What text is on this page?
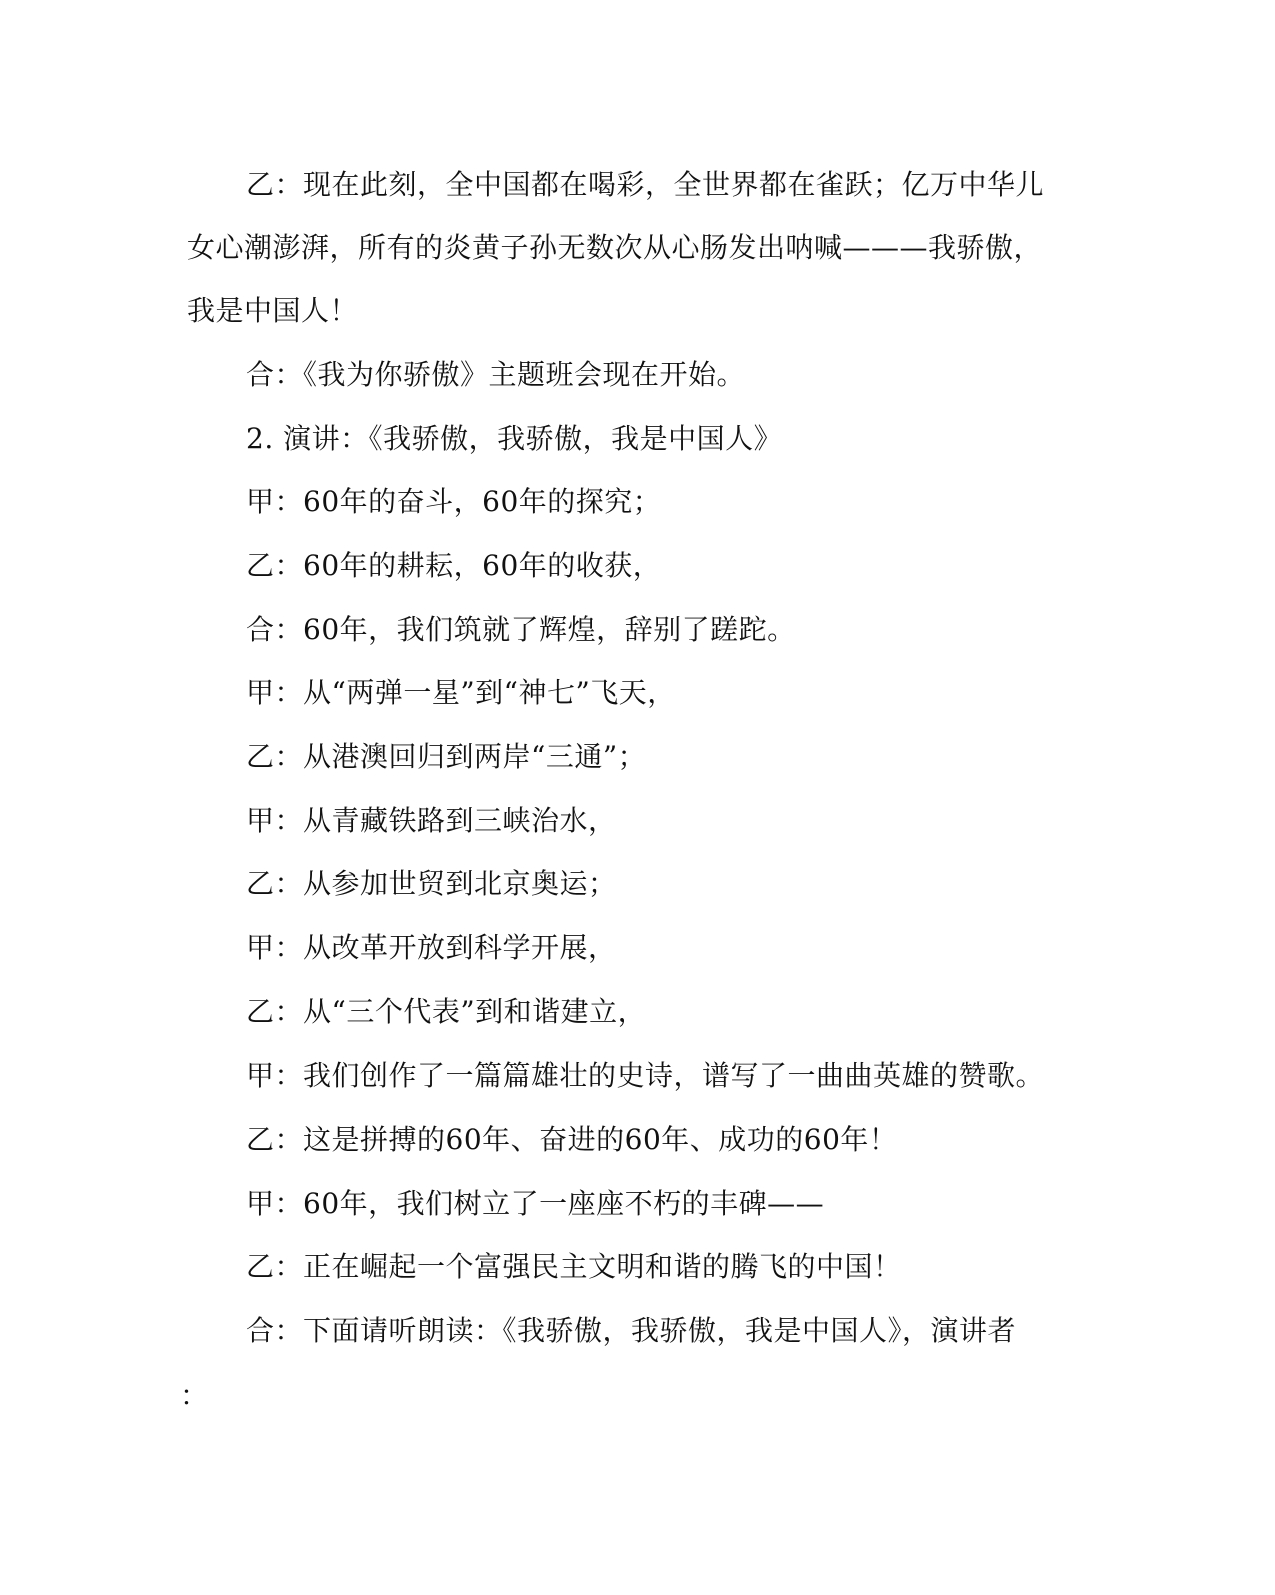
乙：现在此刻，全中国都在喝彩，全世界都在雀跃；亿万中华儿
女心潮澎湃，所有的炎黄子孙无数次从心肠发出呐喊———我骄傲，
我是中国人！
合：《我为你骄傲》主题班会现在开始。
2. 演讲：《我骄傲，我骄傲，我是中国人》
甲：60年的奋斗，60年的探究；
乙：60年的耕耘，60年的收获，
合：60年，我们筑就了辉煌，辞别了蹉跎。
甲：从“两弹一星”到“神七”飞天，
乙：从港澳回归到两岸“三通”；
甲：从青藏铁路到三峡治水，
乙：从参加世贸到北京奥运；
甲：从改革开放到科学开展，
乙：从“三个代表”到和谐建立，
甲：我们创作了一篇篇雄壮的史诗，谱写了一曲曲英雄的赞歌。
乙：这是拼搏的60年、奋进的60年、成功的60年！
甲：60年，我们树立了一座座不朽的丰碑——
乙：正在崛起一个富强民主文明和谐的腾飞的中国！
合：下面请听朗读：《我骄傲，我骄傲，我是中国人》，演讲者
：
